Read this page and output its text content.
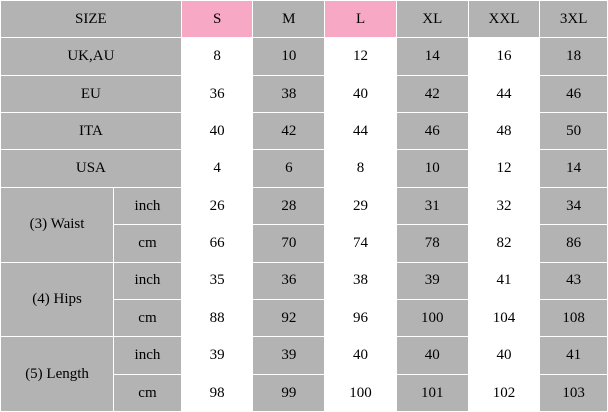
SIZE		S	M	L	XL	XXL	3XL
UK,AU		8	10	12	14	16	18
EU		36	38	40	42	44	46
ITA		40	42	44	46	48	50
USA		4	6	8	10	12	14
(3) Waist	inch	26	28	29	31	32	34
	cm	66	70	74	78	82	86
(4) Hips	inch	35	36	38	39	41	43
	cm	88	92	96	100	104	108
(5) Length	inch	39	39	40	40	40	41
	cm	98	99	100	101	102	103
